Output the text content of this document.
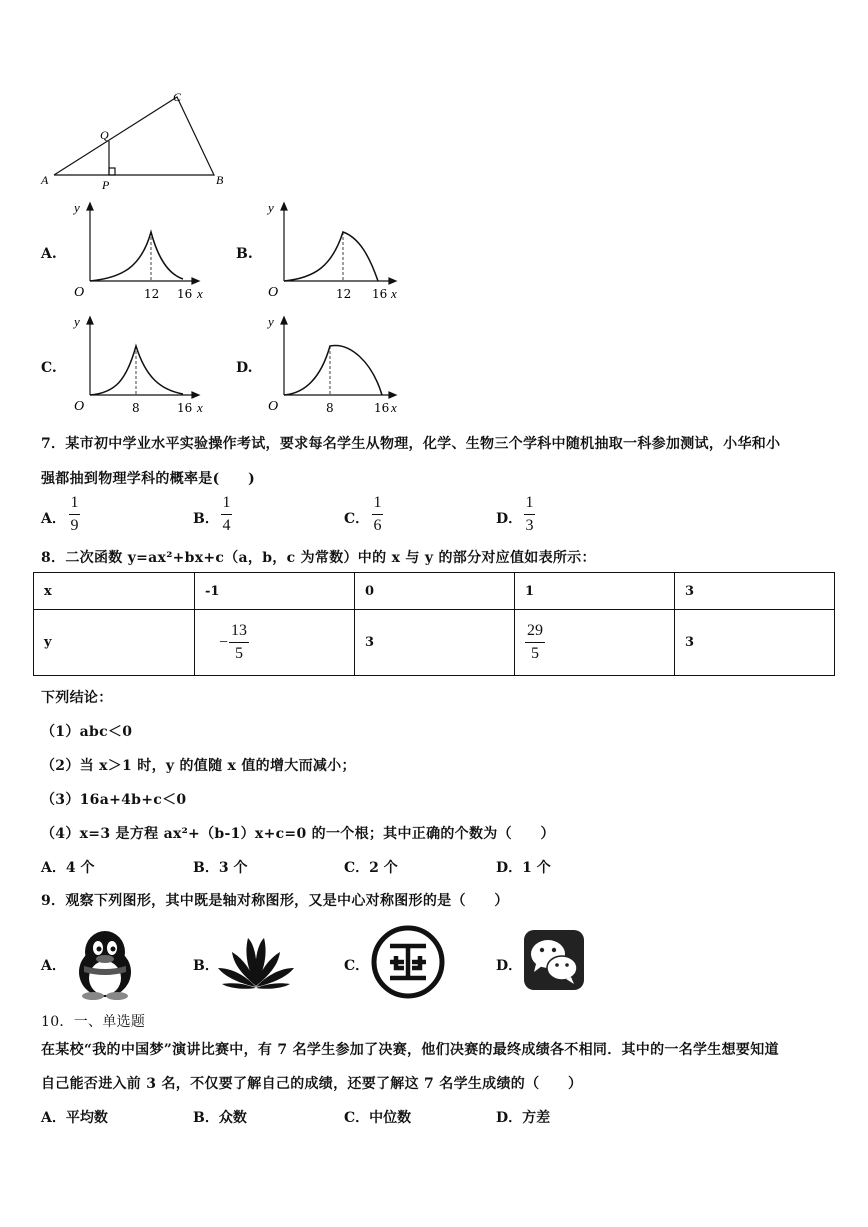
A	B
C
P
Q
A.
y
O	12 16 x
B.
y
O	12 16 x
C.
y
O	8	16 x
D.
y
O	8	16 x
7．某市初中学业水平实验操作考试，要求每名学生从物理，化学、生物三个学科中随机抽取一科参加测试，小华和小
强都抽到物理学科的概率是(　　)
A．
1
9	B．
1
4	C．
1
6	D．
1
3
8．二次函数 y=ax²+bx+c（a，b，c 为常数）中的 x 与 y 的部分对应值如表所示：
x	-1	0	1	3
y	−
13
5	3	$\frac{29}{5}$	3
下列结论：
（1）abc＜0
（2）当 x＞1 时，y 的值随 x 值的增大而减小；
（3）16a+4b+c＜0
（4）x=3 是方程 ax²+（b-1）x+c=0 的一个根；其中正确的个数为（　　）
A．4 个	B．3 个	C．2 个	D．1 个
9．观察下列图形，其中既是轴对称图形，又是中心对称图形的是（　　）
A．	B．	C．	D．
10．一、单选题
在某校“我的中国梦”演讲比赛中，有 7 名学生参加了决赛，他们决赛的最终成绩各不相同．其中的一名学生想要知道
自己能否进入前 3 名，不仅要了解自己的成绩，还要了解这 7 名学生成绩的（　　）
A．平均数	B．众数	C．中位数	D．方差
